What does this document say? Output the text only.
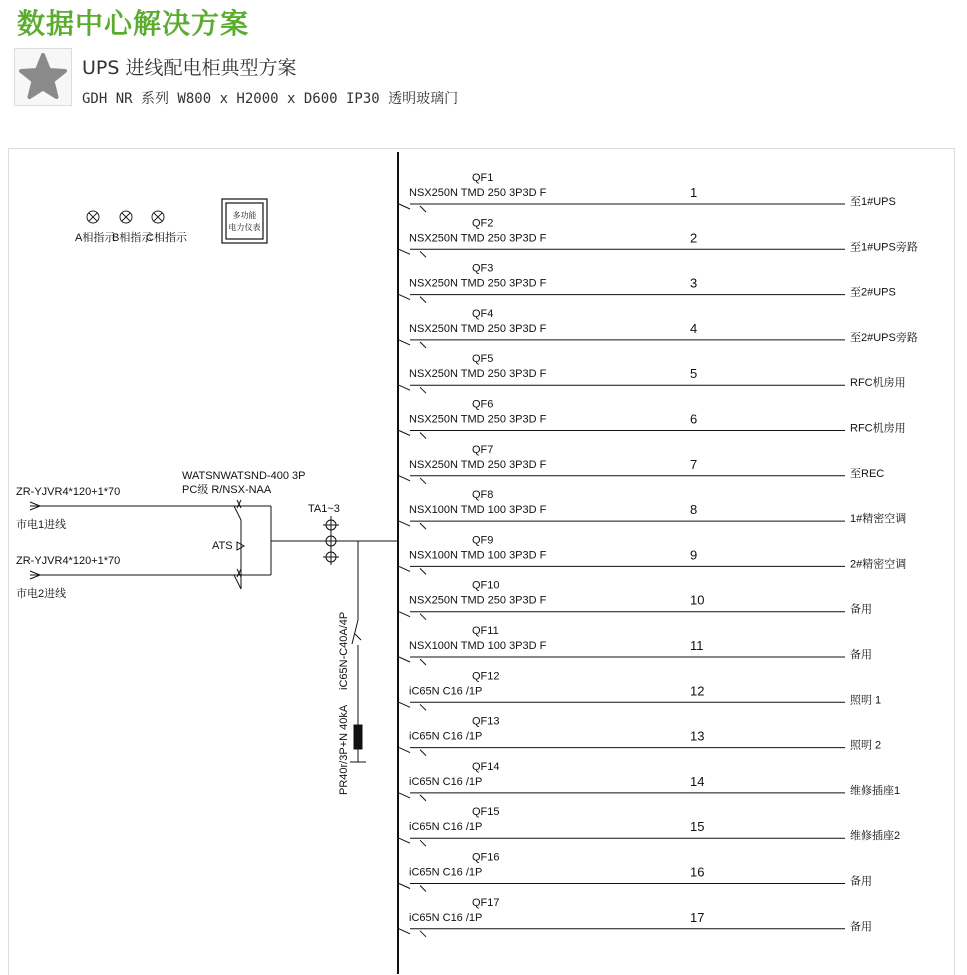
数据中心解决方案
UPS 进线配电柜典型方案
GDH NR 系列 W800 x H2000 x D600 IP30 透明玻璃门
A相指示
B相指示
C相指示
多功能
电力仪表
ZR-YJVR4*120+1*70
市电1进线
ZR-YJVR4*120+1*70
市电2进线
WATSNWATSND-400 3P
PC级 R/NSX-NAA
ATS
TA1~3
iC65N-C40A/4P
PR40r/3P+N 40kA
QF1
NSX250N TMD 250 3P3D F	1
至1#UPS
QF2
NSX250N TMD 250 3P3D F	2
至1#UPS旁路
QF3
NSX250N TMD 250 3P3D F	3
至2#UPS
QF4
NSX250N TMD 250 3P3D F	4
至2#UPS旁路
QF5
NSX250N TMD 250 3P3D F	5
RFC机房用
QF6
NSX250N TMD 250 3P3D F	6
RFC机房用
QF7
NSX250N TMD 250 3P3D F	7
至REC
QF8
NSX100N TMD 100 3P3D F	8
1#精密空调
QF9
NSX100N TMD 100 3P3D F	9
2#精密空调
QF10
NSX250N TMD 250 3P3D F	10
备用
QF11
NSX100N TMD 100 3P3D F	11
备用
QF12
iC65N C16 /1P	12
照明 1
QF13
iC65N C16 /1P	13
照明 2
QF14
iC65N C16 /1P	14
维修插座1
QF15
iC65N C16 /1P	15
维修插座2
QF16
iC65N C16 /1P	16
备用
QF17
iC65N C16 /1P	17
备用
